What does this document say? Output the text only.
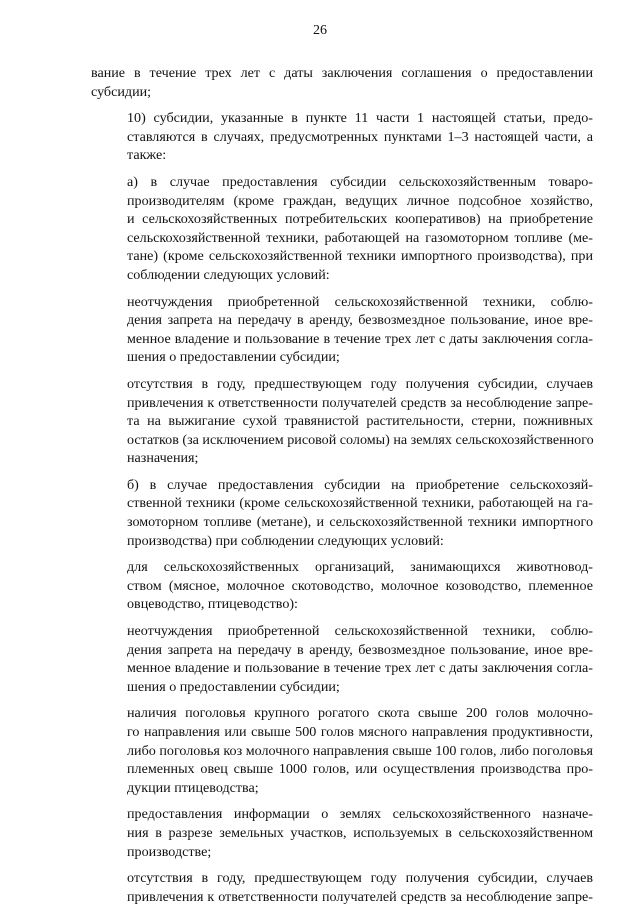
26

вание в течение трех лет с даты заключения соглашения о предоставлении
субсидии;

10) субсидии, указанные в пункте 11 части 1 настоящей статьи, предо-
ставляются в случаях, предусмотренных пунктами 1–3 настоящей части, а
также:

а) в случае предоставления субсидии сельскохозяйственным товаро-
производителям (кроме граждан, ведущих личное подсобное хозяйство,
и сельскохозяйственных потребительских кооперативов) на приобретение
сельскохозяйственной техники, работающей на газомоторном топливе (ме-
тане) (кроме сельскохозяйственной техники импортного производства), при
соблюдении следующих условий:

неотчуждения приобретенной сельскохозяйственной техники, соблю-
дения запрета на передачу в аренду, безвозмездное пользование, иное вре-
менное владение и пользование в течение трех лет с даты заключения согла-
шения о предоставлении субсидии;

отсутствия в году, предшествующем году получения субсидии, случаев
привлечения к ответственности получателей средств за несоблюдение запре-
та на выжигание сухой травянистой растительности, стерни, пожнивных
остатков (за исключением рисовой соломы) на землях сельскохозяйственного
назначения;

б) в случае предоставления субсидии на приобретение сельскохозяй-
ственной техники (кроме сельскохозяйственной техники, работающей на га-
зомоторном топливе (метане), и сельскохозяйственной техники импортного
производства) при соблюдении следующих условий:

для сельскохозяйственных организаций, занимающихся животновод-
ством (мясное, молочное скотоводство, молочное козоводство, племенное
овцеводство, птицеводство):

неотчуждения приобретенной сельскохозяйственной техники, соблю-
дения запрета на передачу в аренду, безвозмездное пользование, иное вре-
менное владение и пользование в течение трех лет с даты заключения согла-
шения о предоставлении субсидии;

наличия поголовья крупного рогатого скота свыше 200 голов молочно-
го направления или свыше 500 голов мясного направления продуктивности,
либо поголовья коз молочного направления свыше 100 голов, либо поголовья
племенных овец свыше 1000 голов, или осуществления производства про-
дукции птицеводства;

предоставления информации о землях сельскохозяйственного назначе-
ния в разрезе земельных участков, используемых в сельскохозяйственном
производстве;

отсутствия в году, предшествующем году получения субсидии, случаев
привлечения к ответственности получателей средств за несоблюдение запре-
